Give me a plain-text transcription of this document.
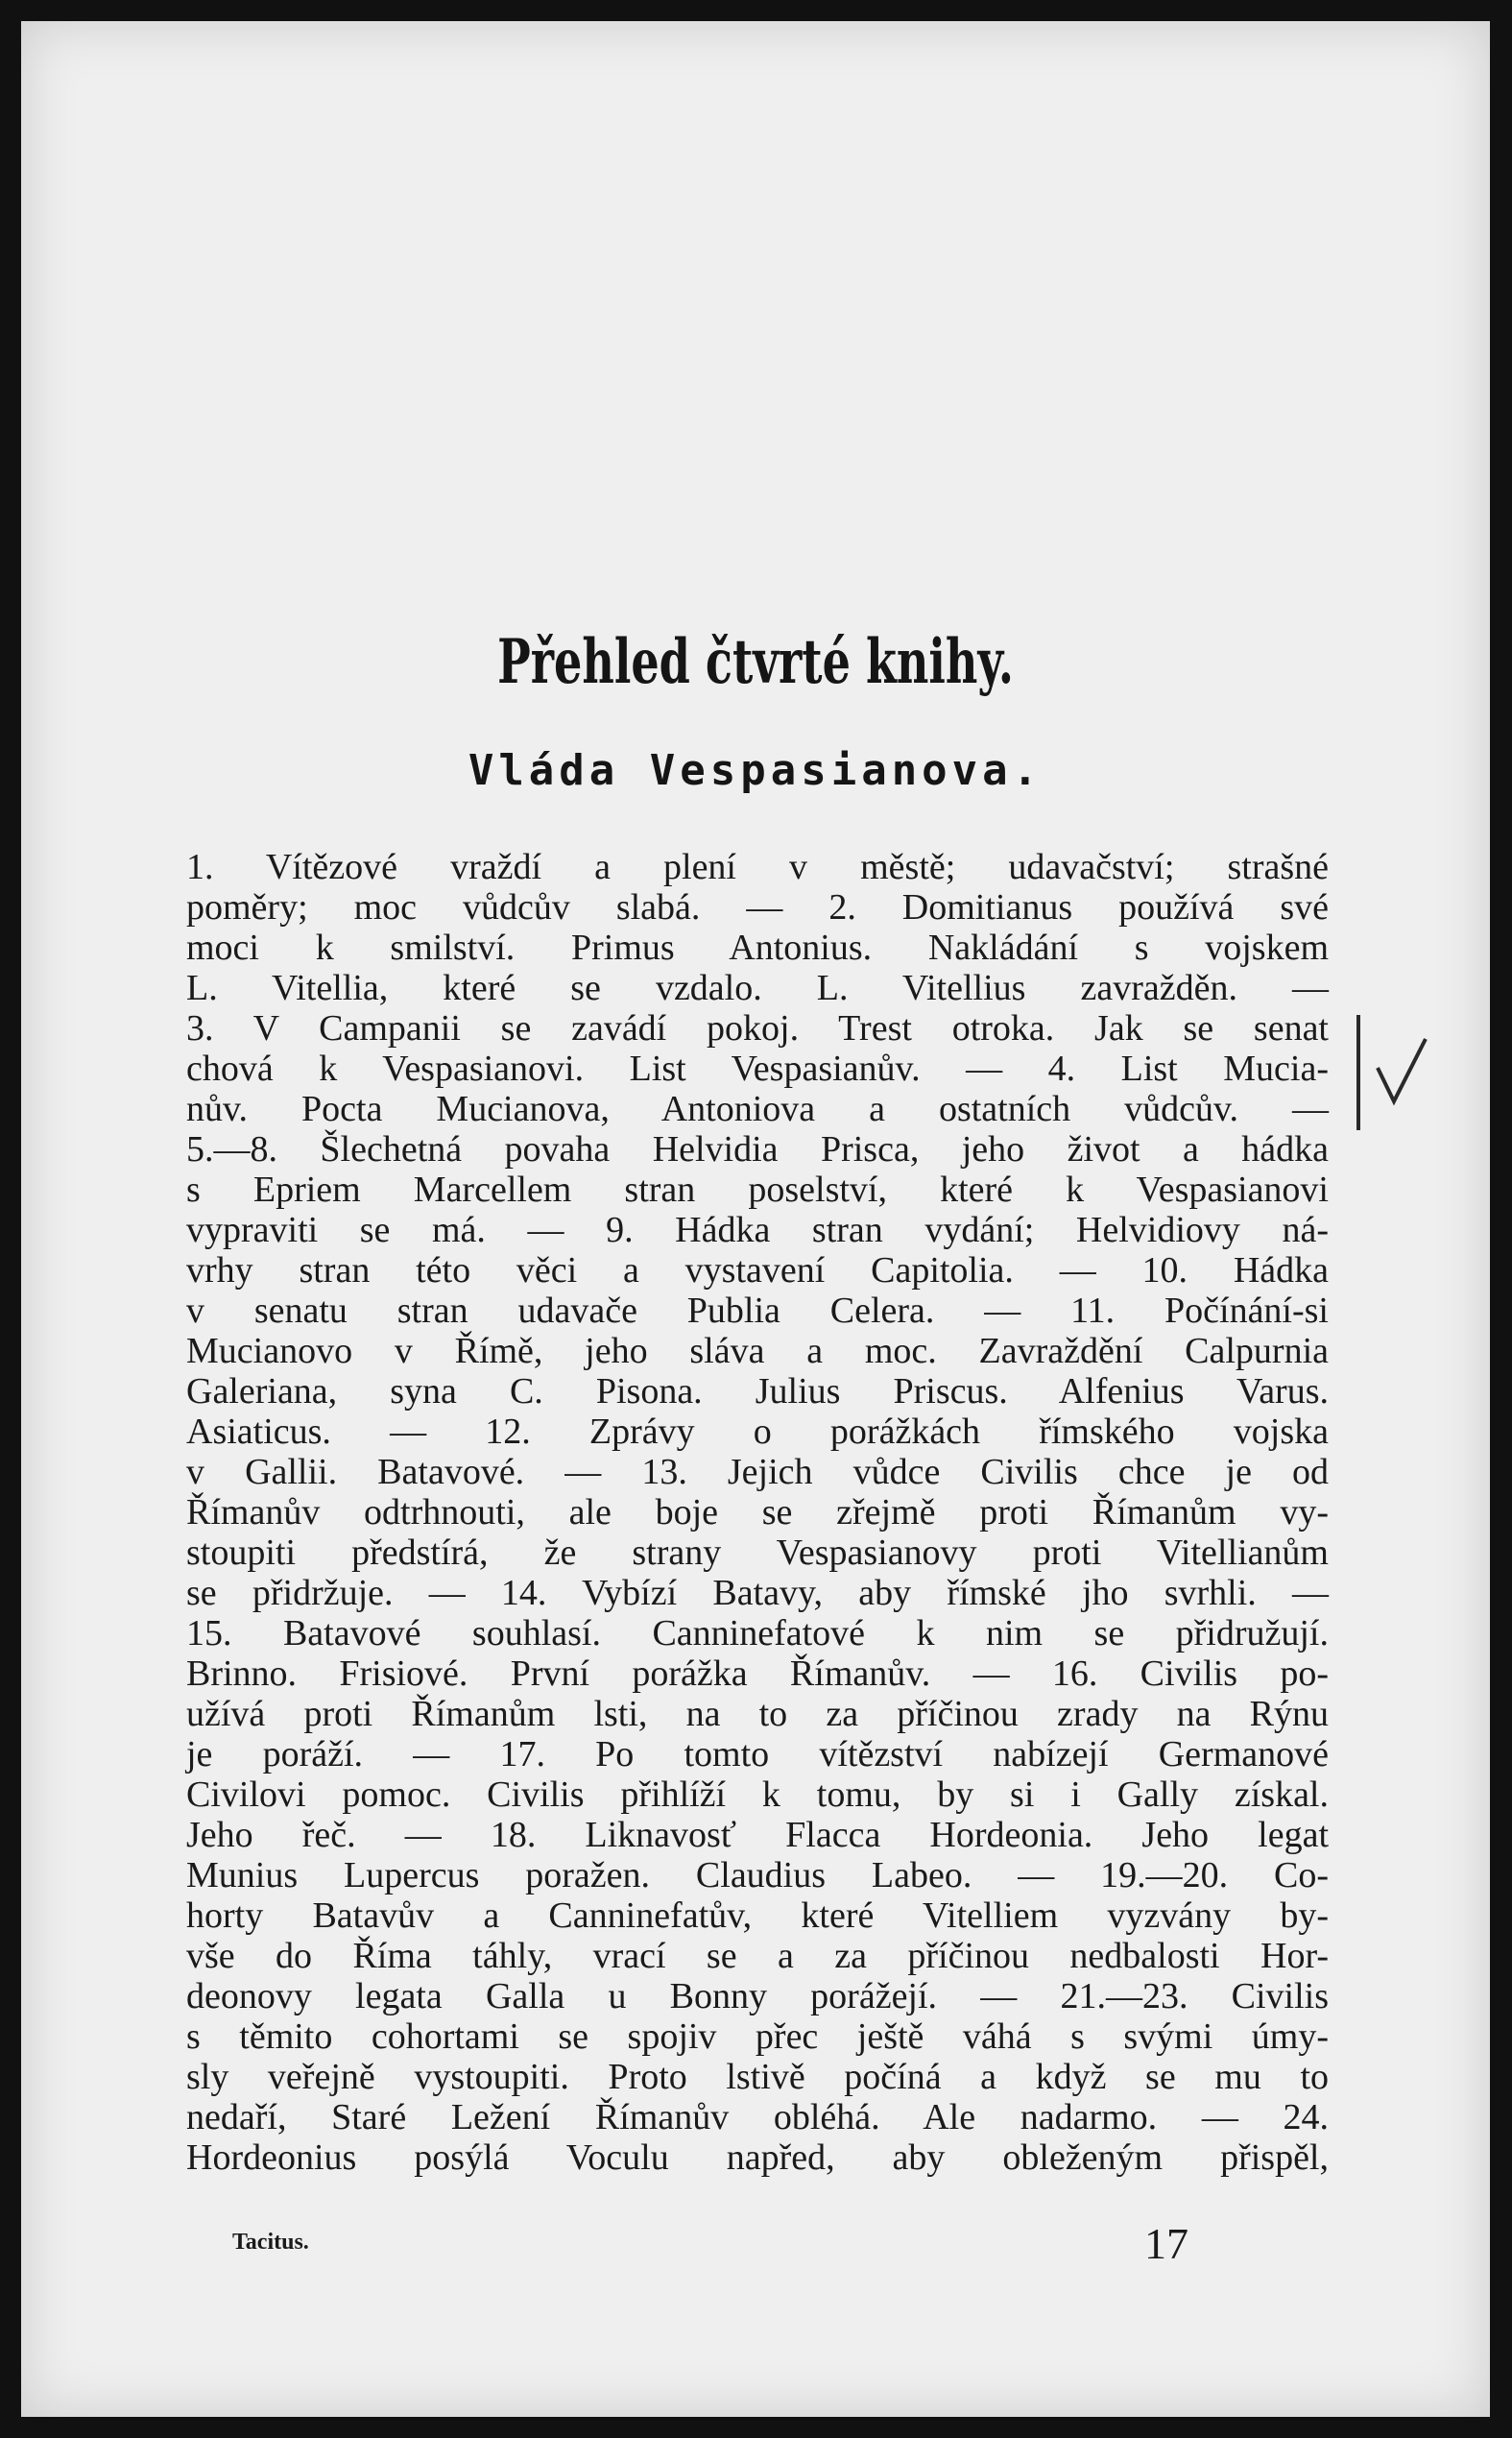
Přehled čtvrté knihy.
Vláda Vespasianova.
1. Vítězové vraždí a plení v městě; udavačství; strašné
poměry; moc vůdcův slabá. — 2. Domitianus používá své
moci k smilství. Primus Antonius. Nakládání s vojskem
L. Vitellia, které se vzdalo. L. Vitellius zavražděn. —
3. V Campanii se zavádí pokoj. Trest otroka. Jak se senat
chová k Vespasianovi. List Vespasianův. — 4. List Mucia-
nův. Pocta Mucianova, Antoniova a ostatních vůdcův. —
5.—8. Šlechetná povaha Helvidia Prisca, jeho život a hádka
s Epriem Marcellem stran poselství, které k Vespasianovi
vypraviti se má. — 9. Hádka stran vydání; Helvidiovy ná-
vrhy stran této věci a vystavení Capitolia. — 10. Hádka
v senatu stran udavače Publia Celera. — 11. Počínání-si
Mucianovo v Římě, jeho sláva a moc. Zavraždění Calpurnia
Galeriana, syna C. Pisona. Julius Priscus. Alfenius Varus.
Asiaticus. — 12. Zprávy o porážkách římského vojska
v Gallii. Batavové. — 13. Jejich vůdce Civilis chce je od
Římanův odtrhnouti, ale boje se zřejmě proti Římanům vy-
stoupiti předstírá, že strany Vespasianovy proti Vitellianům
se přidržuje. — 14. Vybízí Batavy, aby římské jho svrhli. —
15. Batavové souhlasí. Canninefatové k nim se přidružují.
Brinno. Frisiové. První porážka Římanův. — 16. Civilis po-
užívá proti Římanům lsti, na to za příčinou zrady na Rýnu
je poráží. — 17. Po tomto vítězství nabízejí Germanové
Civilovi pomoc. Civilis přihlíží k tomu, by si i Gally získal.
Jeho řeč. — 18. Liknavosť Flacca Hordeonia. Jeho legat
Munius Lupercus poražen. Claudius Labeo. — 19.—20. Co-
horty Batavův a Canninefatův, které Vitelliem vyzvány by-
vše do Říma táhly, vrací se a za příčinou nedbalosti Hor-
deonovy legata Galla u Bonny porážejí. — 21.—23. Civilis
s těmito cohortami se spojiv přec ještě váhá s svými úmy-
sly veřejně vystoupiti. Proto lstivě počíná a když se mu to
nedaří, Staré Ležení Římanův obléhá. Ale nadarmo. — 24.
Hordeonius posýlá Voculu napřed, aby obleženým přispěl,
Tacitus.	17
